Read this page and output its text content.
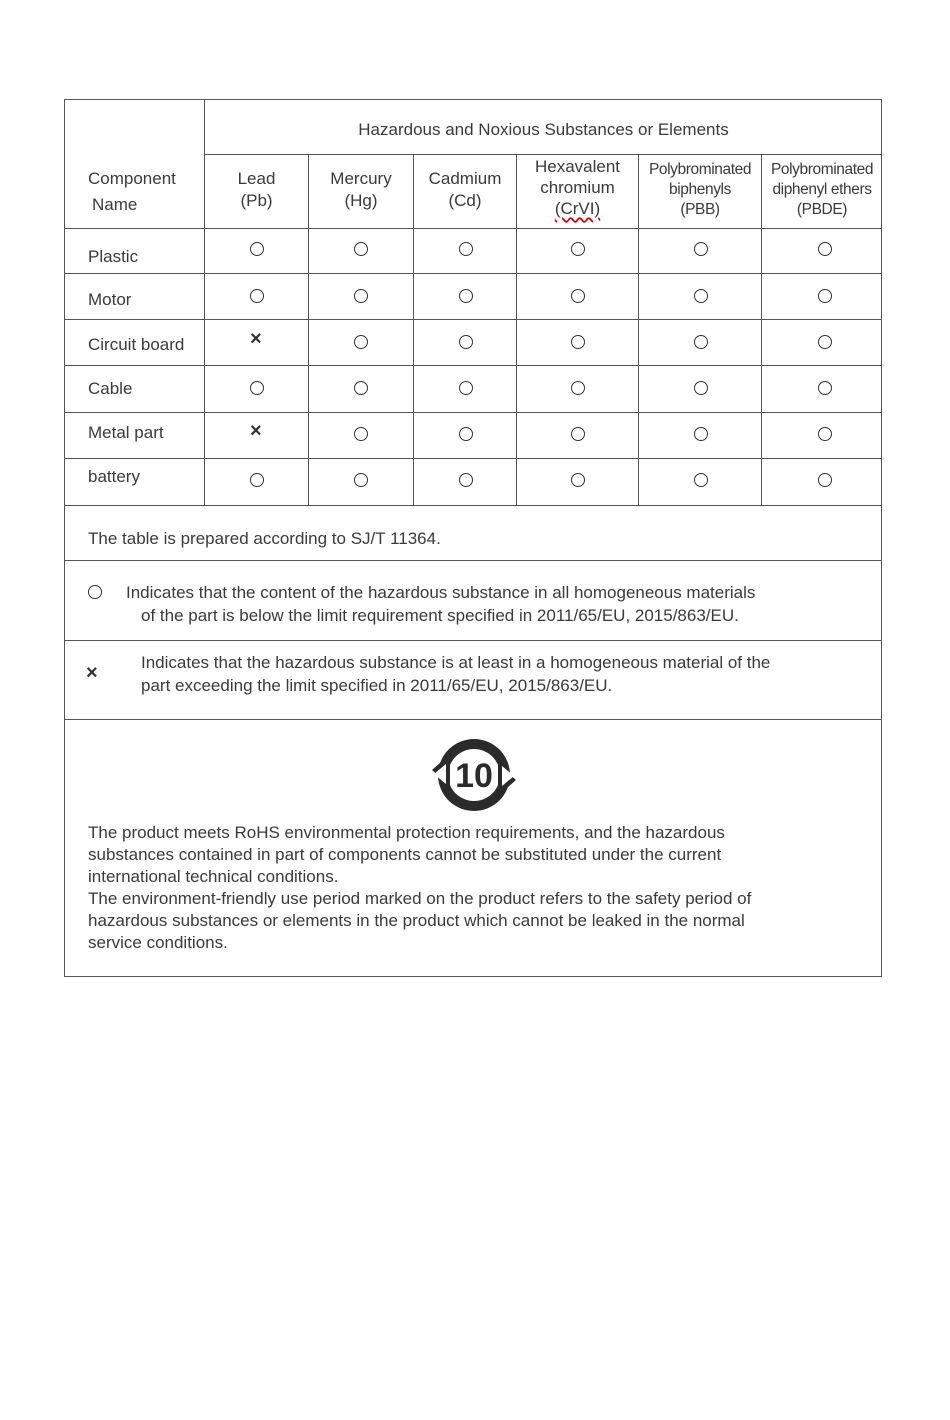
Hazardous and Noxious Substances or Elements
Component
Name
Lead
(Pb)
Mercury
(Hg)
Cadmium
(Cd)
Hexavalent
chromium
(CrVI)
Polybrominated
biphenyls
(PBB)
Polybrominated
diphenyl ethers
(PBDE)
Plastic
Motor
Circuit board
Cable
Metal part
battery
×
×
The table is prepared according to SJ/T 11364.
Indicates that the content of the hazardous substance in all homogeneous materials
of the part is below the limit requirement specified in 2011/65/EU, 2015/863/EU.
×	Indicates that the hazardous substance is at least in a homogeneous material of the
part exceeding the limit specified in 2011/65/EU, 2015/863/EU.
10

The product meets RoHS environmental protection requirements, and the hazardous

substances contained in part of components cannot be substituted under the current

international technical conditions.

The environment-friendly use period marked on the product refers to the safety period of

hazardous substances or elements in the product which cannot be leaked in the normal

service conditions.
